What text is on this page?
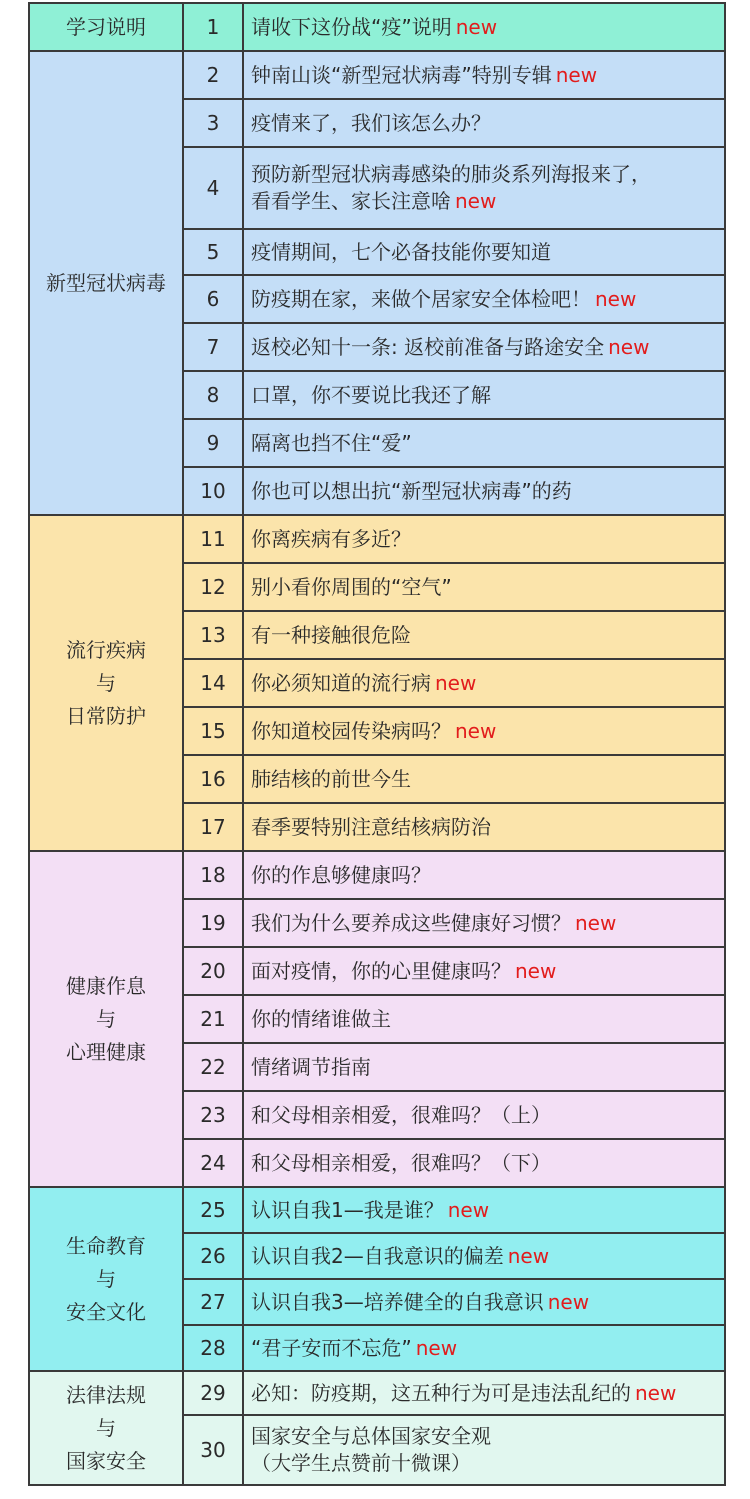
学习说明	1	请收下这份战“疫”说明 new

新型冠状病毒	2	钟南山谈“新型冠状病毒”特别专辑 new

	3	疫情来了，我们该怎么办？

	4	预防新型冠状病毒感染的肺炎系列海报来了，
看看学生、家长注意啥 new

	5	疫情期间，七个必备技能你要知道

	6	防疫期在家，来做个居家安全体检吧！ new

	7	返校必知十一条: 返校前准备与路途安全 new

	8	口罩，你不要说比我还了解

	9	隔离也挡不住“爱”

	10	你也可以想出抗“新型冠状病毒”的药

流行疾病
与
日常防护	11	你离疾病有多近？

	12	别小看你周围的“空气”

	13	有一种接触很危险

	14	你必须知道的流行病 new

	15	你知道校园传染病吗？ new

	16	肺结核的前世今生

	17	春季要特别注意结核病防治

健康作息
与
心理健康	18	你的作息够健康吗？

	19	我们为什么要养成这些健康好习惯？ new

	20	面对疫情，你的心里健康吗？ new

	21	你的情绪谁做主

	22	情绪调节指南

	23	和父母相亲相爱，很难吗？（上）

	24	和父母相亲相爱，很难吗？（下）

生命教育
与
安全文化	25	认识自我1—我是谁？ new

	26	认识自我2—自我意识的偏差 new

	27	认识自我3—培养健全的自我意识 new

	28	“君子安而不忘危” new

法律法规
与
国家安全	29	必知：防疫期，这五种行为可是违法乱纪的 new

	30	国家安全与总体国家安全观
（大学生点赞前十微课）
